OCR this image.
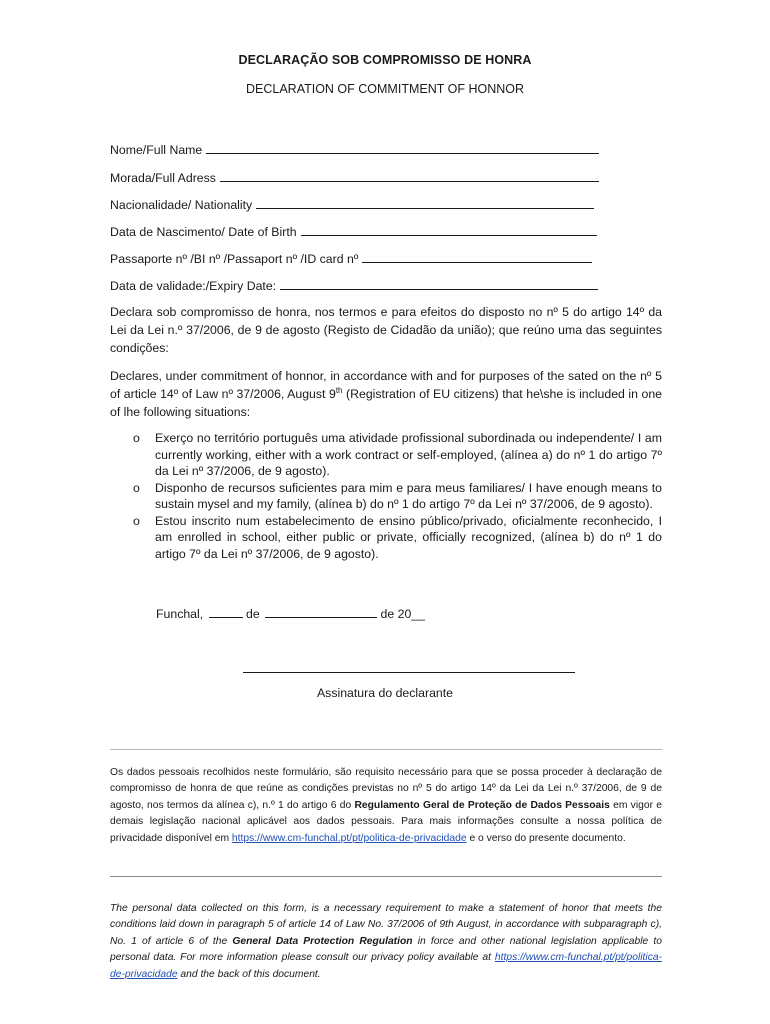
DECLARAÇÃO SOB COMPROMISSO DE HONRA
DECLARATION OF COMMITMENT OF HONNOR
Nome/Full Name
Morada/Full Adress
Nacionalidade/ Nationality
Data de Nascimento/ Date of Birth
Passaporte nº /BI nº /Passaport nº /ID card nº
Data de validade:/Expiry Date:
Declara sob compromisso de honra, nos termos e para efeitos do disposto no nº 5 do artigo 14º da Lei da Lei n.º 37/2006, de 9 de agosto (Registo de Cidadão da união); que reúno uma das seguintes condições:
Declares, under commitment of honnor, in accordance with and for purposes of the sated on the nº 5 of article 14º of Law nº 37/2006, August 9th (Registration of EU citizens) that he\she is included in one of lhe following situations:
o Exerço no território português uma atividade profissional subordinada ou independente/ I am currently working, either with a work contract or self-employed, (alínea a) do nº 1 do artigo 7º da Lei nº 37/2006, de 9 agosto).
o Disponho de recursos suficientes para mim e para meus familiares/ I have enough means to sustain mysel and my family, (alínea b) do nº 1 do artigo 7º da Lei nº 37/2006, de 9 agosto).
o Estou inscrito num estabelecimento de ensino público/privado, oficialmente reconhecido, I am enrolled in school, either public or private, officially recognized, (alínea b) do nº 1 do artigo 7º da Lei nº 37/2006, de 9 agosto).
Funchal,	de	de 20__
Assinatura do declarante
Os dados pessoais recolhidos neste formulário, são requisito necessário para que se possa proceder à declaração de compromisso de honra de que reúne as condições previstas no nº 5 do artigo 14º da Lei da Lei n.º 37/2006, de 9 de agosto, nos termos da alínea c), n.º 1 do artigo 6 do Regulamento Geral de Proteção de Dados Pessoais em vigor e demais legislação nacional aplicável aos dados pessoais. Para mais informações consulte a nossa política de privacidade disponível em https://www.cm-funchal.pt/pt/politica-de-privacidade e o verso do presente documento.
The personal data collected on this form, is a necessary requirement to make a statement of honor that meets the conditions laid down in paragraph 5 of article 14 of Law No. 37/2006 of 9th August, in accordance with subparagraph c), No. 1 of article 6 of the General Data Protection Regulation in force and other national legislation applicable to personal data. For more information please consult our privacy policy available at https://www.cm-funchal.pt/pt/politica-de-privacidade and the back of this document.
